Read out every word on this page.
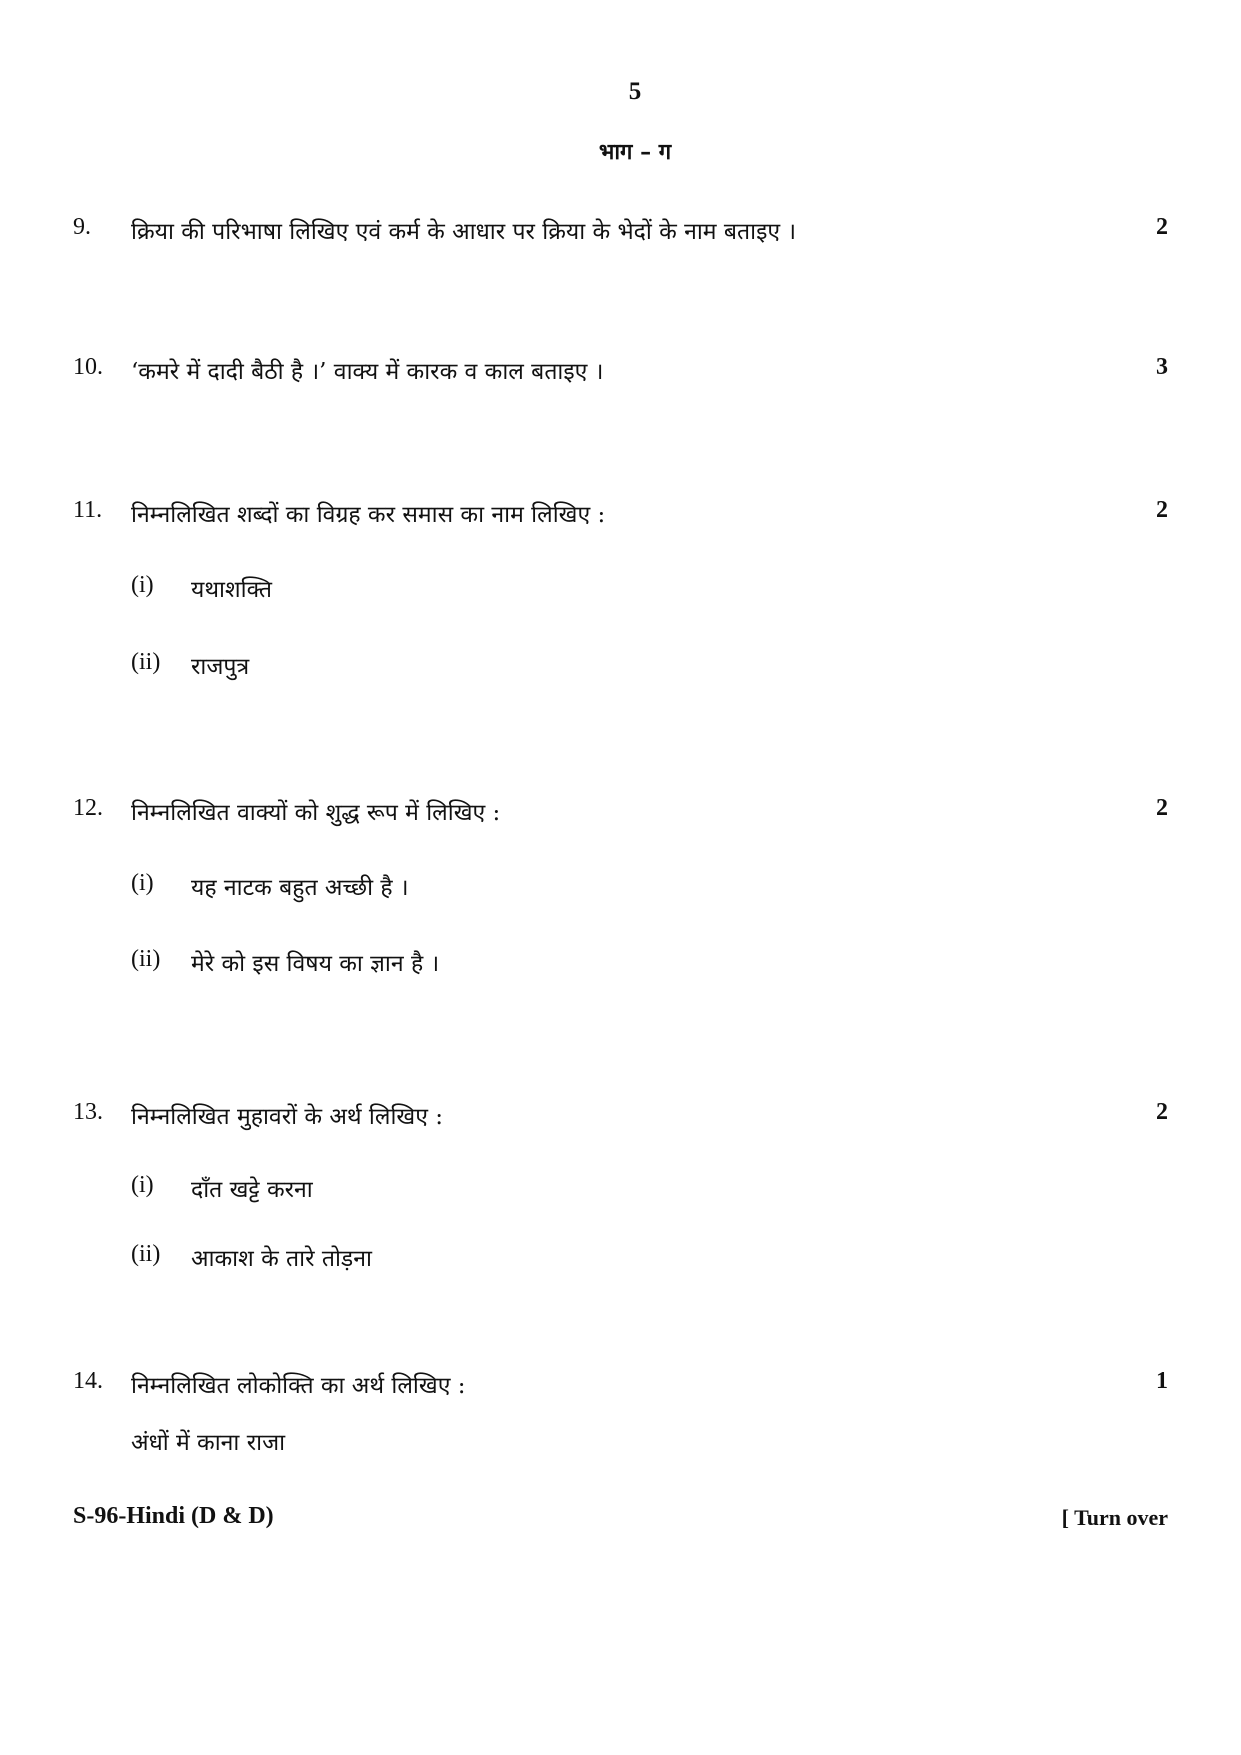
5
भाग – ग
9. क्रिया की परिभाषा लिखिए एवं कर्म के आधार पर क्रिया के भेदों के नाम बताइए ।	2
10. ‘कमरे में दादी बैठी है ।’ वाक्य में कारक व काल बताइए ।	3
11. निम्नलिखित शब्दों का विग्रह कर समास का नाम लिखिए :	2
(i) यथाशक्ति
(ii) राजपुत्र
12. निम्नलिखित वाक्यों को शुद्ध रूप में लिखिए :	2
(i) यह नाटक बहुत अच्छी है ।
(ii) मेरे को इस विषय का ज्ञान है ।
13. निम्नलिखित मुहावरों के अर्थ लिखिए :	2
(i) दाँत खट्टे करना
(ii) आकाश के तारे तोड़ना
14. निम्नलिखित लोकोक्ति का अर्थ लिखिए :	1
अंधों में काना राजा
S-96-Hindi (D & D)	[ Turn over
